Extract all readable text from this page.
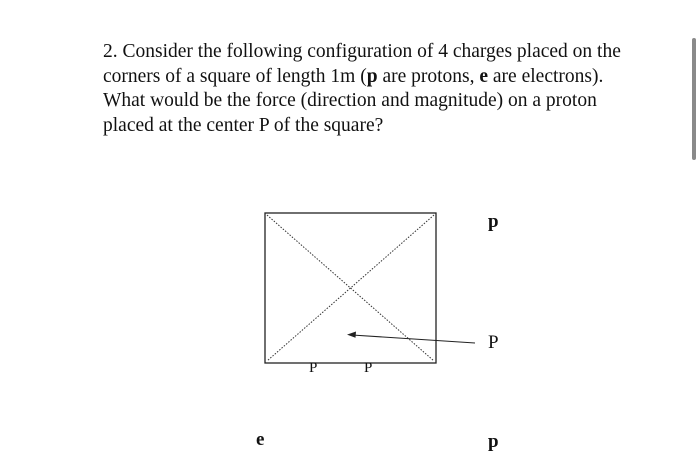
2. Consider the following configuration of 4 charges placed on the corners of a square of length 1m (p are protons, e are electrons). What would be the force (direction and magnitude) on a proton placed at the center P of the square?

p
P
e	p
P	P
